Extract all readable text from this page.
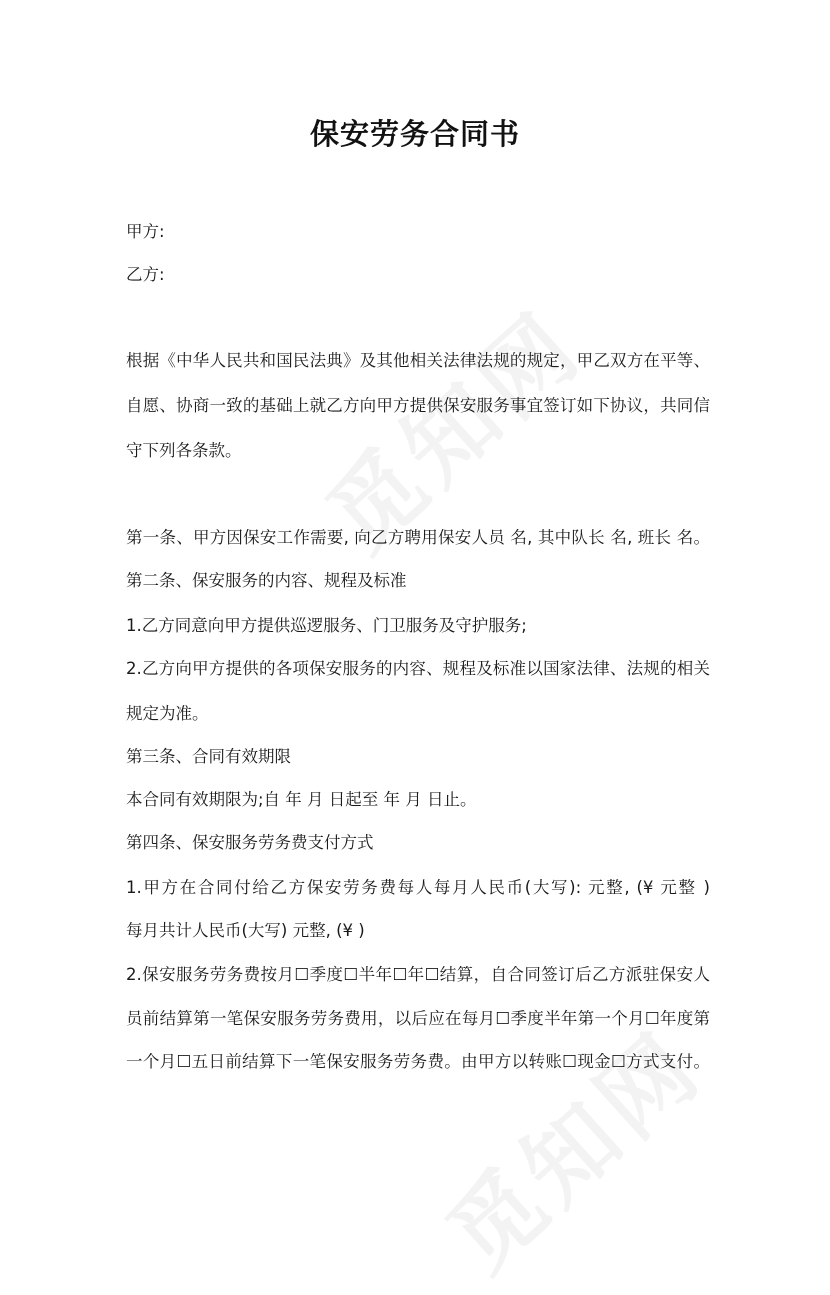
保安劳务合同书
甲方:
乙方:
根据《中华人民共和国民法典》及其他相关法律法规的规定，甲乙双方在平等、
自愿、协商一致的基础上就乙方向甲方提供保安服务事宜签订如下协议，共同信
守下列各条款。
第一条、甲方因保安工作需要, 向乙方聘用保安人员 名, 其中队长 名, 班长 名。
第二条、保安服务的内容、规程及标准
1.乙方同意向甲方提供巡逻服务、门卫服务及守护服务;
2.乙方向甲方提供的各项保安服务的内容、规程及标准以国家法律、法规的相关
规定为准。
第三条、合同有效期限
本合同有效期限为;自 年 月 日起至 年 月 日止。
第四条、保安服务劳务费支付方式
1.甲方在合同付给乙方保安劳务费每人每月人民币(大写): 元整, (¥ 元整 )
每月共计人民币(大写) 元整, (¥ )
2.保安服务劳务费按月☐季度☐半年☐年☐结算，自合同签订后乙方派驻保安人
员前结算第一笔保安服务劳务费用，以后应在每月☐季度半年第一个月☐年度第
一个月☐五日前结算下一笔保安服务劳务费。由甲方以转账☐现金☐方式支付。
